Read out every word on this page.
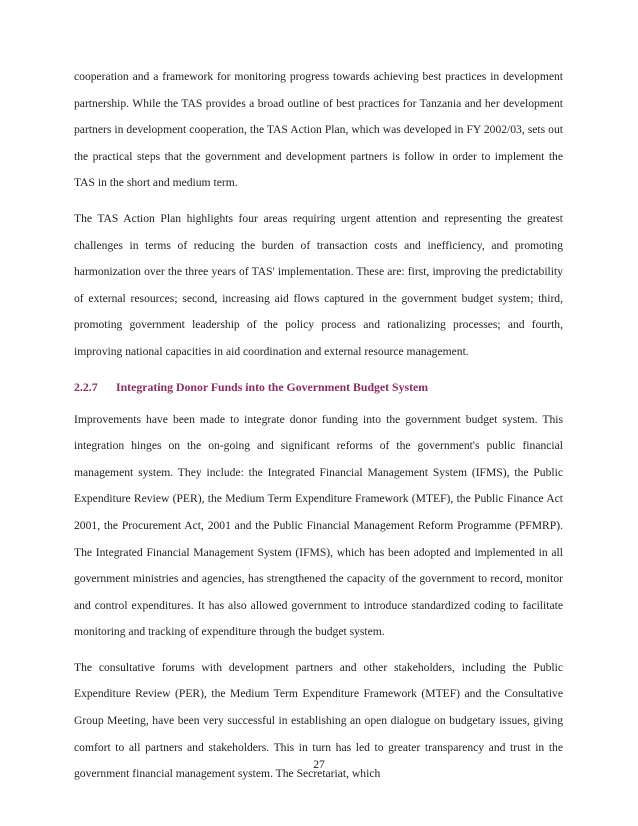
cooperation and a framework for monitoring progress towards achieving best practices in development partnership. While the TAS provides a broad outline of best practices for Tanzania and her development partners in development cooperation, the TAS Action Plan, which was developed in FY 2002/03, sets out the practical steps that the government and development partners is follow in order to implement the TAS in the short and medium term.

The TAS Action Plan highlights four areas requiring urgent attention and representing the greatest challenges in terms of reducing the burden of transaction costs and inefficiency, and promoting harmonization over the three years of TAS' implementation. These are: first, improving the predictability of external resources; second, increasing aid flows captured in the government budget system; third, promoting government leadership of the policy process and rationalizing processes; and fourth, improving national capacities in aid coordination and external resource management.

2.2.7 Integrating Donor Funds into the Government Budget System

Improvements have been made to integrate donor funding into the government budget system. This integration hinges on the on-going and significant reforms of the government's public financial management system. They include: the Integrated Financial Management System (IFMS), the Public Expenditure Review (PER), the Medium Term Expenditure Framework (MTEF), the Public Finance Act 2001, the Procurement Act, 2001 and the Public Financial Management Reform Programme (PFMRP). The Integrated Financial Management System (IFMS), which has been adopted and implemented in all government ministries and agencies, has strengthened the capacity of the government to record, monitor and control expenditures. It has also allowed government to introduce standardized coding to facilitate monitoring and tracking of expenditure through the budget system.

The consultative forums with development partners and other stakeholders, including the Public Expenditure Review (PER), the Medium Term Expenditure Framework (MTEF) and the Consultative Group Meeting, have been very successful in establishing an open dialogue on budgetary issues, giving comfort to all partners and stakeholders. This in turn has led to greater transparency and trust in the government financial management system. The Secretariat, which

27
